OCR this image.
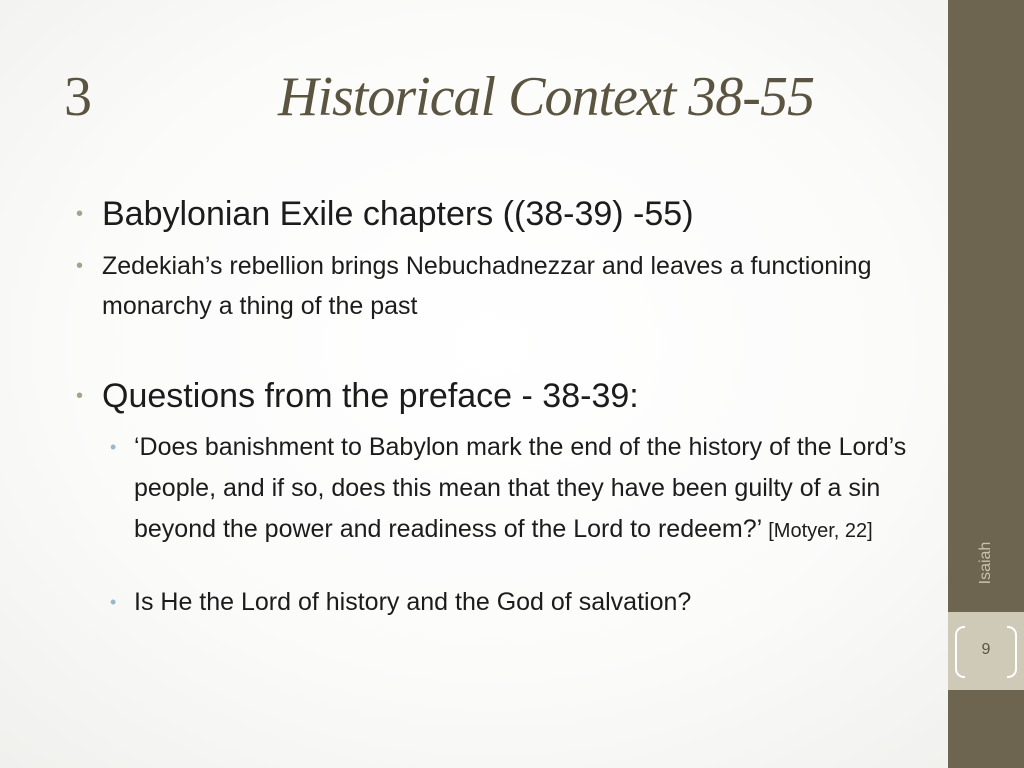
3	Historical Context 38-55
• Babylonian Exile chapters ((38-39) -55)
• Zedekiah’s rebellion brings Nebuchadnezzar and leaves a functioning monarchy a thing of the past
• Questions from the preface - 38-39:
• ‘Does banishment to Babylon mark the end of the history of the Lord’s people, and if so, does this mean that they have been guilty of a sin beyond the power and readiness of the Lord to redeem?’ [Motyer, 22]
• Is He the Lord of history and the God of salvation?
Isaiah
9
